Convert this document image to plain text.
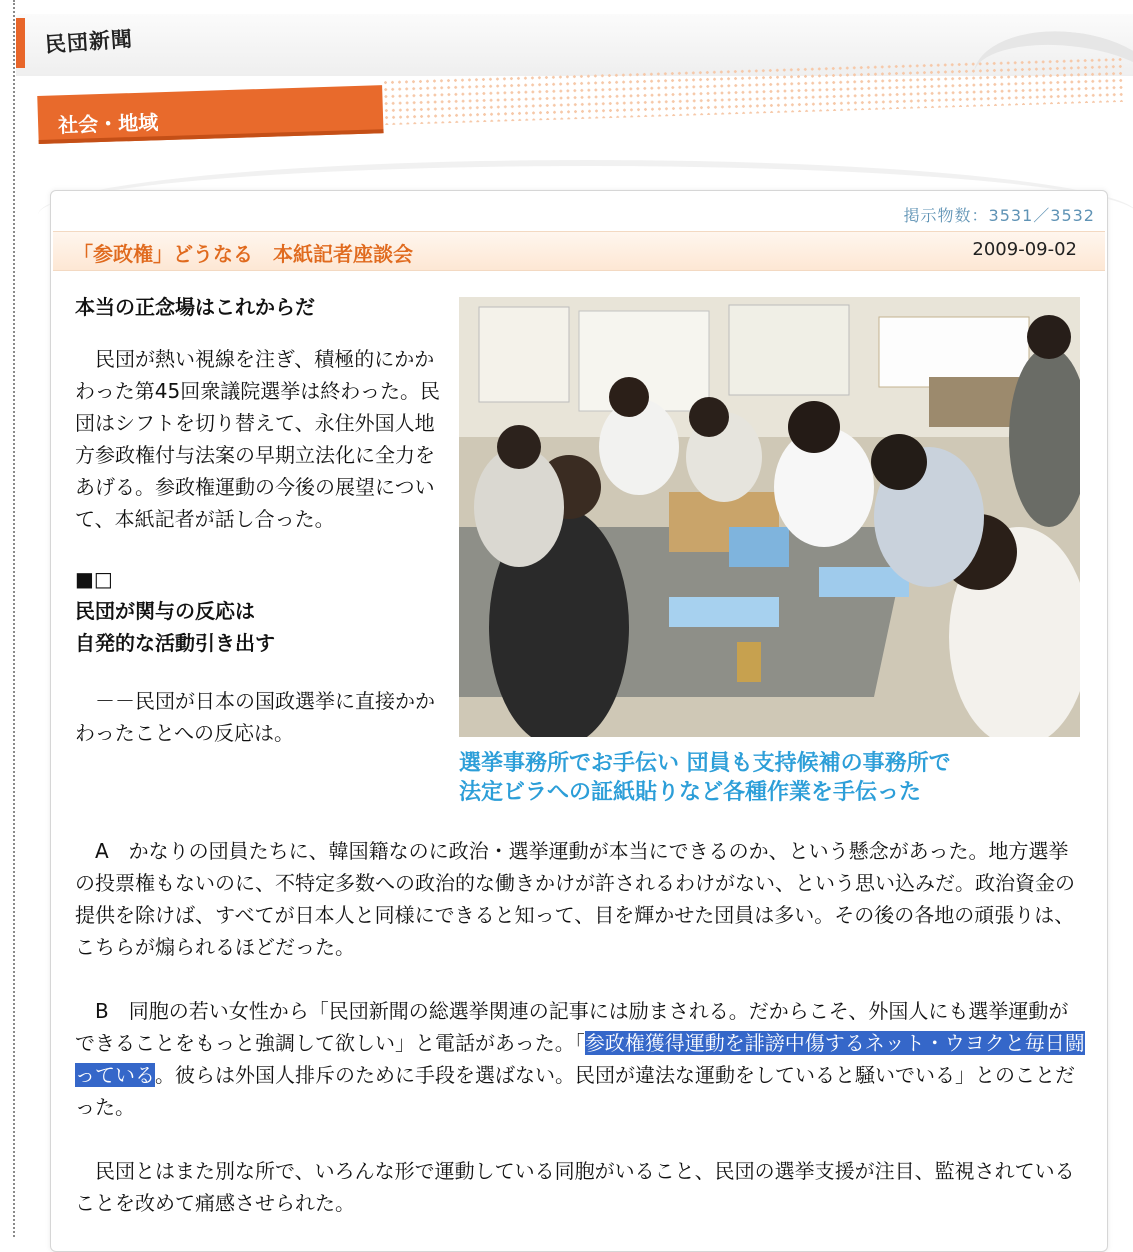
民団新聞
社会・地域
掲示物数：3531／3532
「参政権」どうなる　本紙記者座談会	2009-09-02

本当の正念場はこれからだ

民団が熱い視線を注ぎ、積極的にかかわった第45回衆議院選挙は終わった。民団はシフトを切り替えて、永住外国人地方参政権付与法案の早期立法化に全力をあげる。参政権運動の今後の展望について、本紙記者が話し合った。

■□

民団が関与の反応は
自発的な活動引き出す

－－民団が日本の国政選挙に直接かかわったことへの反応は。

選挙事務所でお手伝い 団員も支持候補の事務所で
法定ビラへの証紙貼りなど各種作業を手伝った

A　かなりの団員たちに、韓国籍なのに政治・選挙運動が本当にできるのか、という懸念があった。地方選挙の投票権もないのに、不特定多数への政治的な働きかけが許されるわけがない、という思い込みだ。政治資金の提供を除けば、すべてが日本人と同様にできると知って、目を輝かせた団員は多い。その後の各地の頑張りは、こちらが煽られるほどだった。

B　同胞の若い女性から「民団新聞の総選挙関連の記事には励まされる。だからこそ、外国人にも選挙運動ができることをもっと強調して欲しい」と電話があった。「参政権獲得運動を誹謗中傷するネット・ウヨクと毎日闘っている。彼らは外国人排斥のために手段を選ばない。民団が違法な運動をしていると騒いでいる」とのことだった。

民団とはまた別な所で、いろんな形で運動している同胞がいること、民団の選挙支援が注目、監視されていることを改めて痛感させられた。
